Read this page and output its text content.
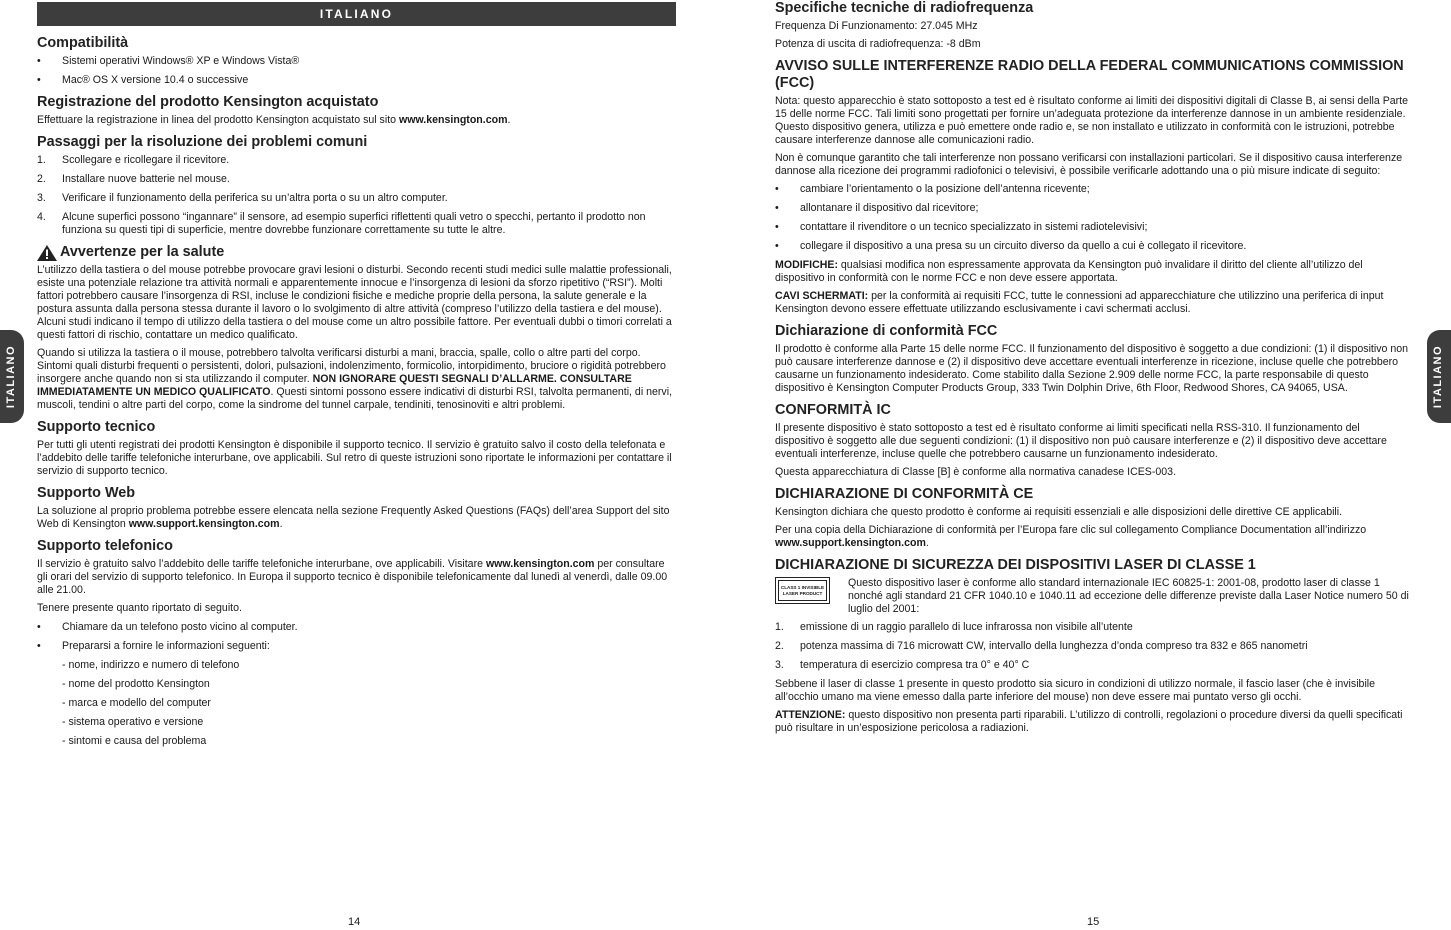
ITALIANO	ITALIANO
ITALIANO
Compatibilità
• Sistemi operativi Windows® XP e Windows Vista®
• Mac® OS X versione 10.4 o successive
Registrazione del prodotto Kensington acquistato

Effettuare la registrazione in linea del prodotto Kensington acquistato sul sito www.kensington.com.

Passaggi per la risoluzione dei problemi comuni
1. Scollegare e ricollegare il ricevitore.
2. Installare nuove batterie nel mouse.
3. Verificare il funzionamento della periferica su un’altra porta o su un altro computer.
4. Alcune superfici possono “ingannare” il sensore, ad esempio superfici riflettenti quali vetro o specchi, pertanto il prodotto non funziona su questi tipi di superficie, mentre dovrebbe funzionare correttamente su tutte le altre.
Avvertenze per la salute

L’utilizzo della tastiera o del mouse potrebbe provocare gravi lesioni o disturbi. Secondo recenti studi medici sulle malattie professionali, esiste una potenziale relazione tra attività normali e apparentemente innocue e l’insorgenza di lesioni da sforzo ripetitivo (“RSI”). Molti fattori potrebbero causare l’insorgenza di RSI, incluse le condizioni fisiche e mediche proprie della persona, la salute generale e la postura assunta dalla persona stessa durante il lavoro o lo svolgimento di altre attività (compreso l’utilizzo della tastiera e del mouse). Alcuni studi indicano il tempo di utilizzo della tastiera o del mouse come un altro possibile fattore. Per eventuali dubbi o timori correlati a questi fattori di rischio, contattare un medico qualificato.

Quando si utilizza la tastiera o il mouse, potrebbero talvolta verificarsi disturbi a mani, braccia, spalle, collo o altre parti del corpo. Sintomi quali disturbi frequenti o persistenti, dolori, pulsazioni, indolenzimento, formicolio, intorpidimento, bruciore o rigidità potrebbero insorgere anche quando non si sta utilizzando il computer. NON IGNORARE QUESTI SEGNALI D’ALLARME. CONSULTARE IMMEDIATAMENTE UN MEDICO QUALIFICATO. Questi sintomi possono essere indicativi di disturbi RSI, talvolta permanenti, di nervi, muscoli, tendini o altre parti del corpo, come la sindrome del tunnel carpale, tendiniti, tenosinoviti e altri problemi.

Supporto tecnico

Per tutti gli utenti registrati dei prodotti Kensington è disponibile il supporto tecnico. Il servizio è gratuito salvo il costo della telefonata e l’addebito delle tariffe telefoniche interurbane, ove applicabili. Sul retro di queste istruzioni sono riportate le informazioni per contattare il servizio di supporto tecnico.

Supporto Web

La soluzione al proprio problema potrebbe essere elencata nella sezione Frequently Asked Questions (FAQs) dell’area Support del sito Web di Kensington www.support.kensington.com.

Supporto telefonico

Il servizio è gratuito salvo l’addebito delle tariffe telefoniche interurbane, ove applicabili. Visitare www.kensington.com per consultare gli orari del servizio di supporto telefonico. In Europa il supporto tecnico è disponibile telefonicamente dal lunedì al venerdì, dalle 09.00 alle 21.00.

Tenere presente quanto riportato di seguito.

• Chiamare da un telefono posto vicino al computer.
• Prepararsi a fornire le informazioni seguenti:
- nome, indirizzo e numero di telefono
- nome del prodotto Kensington
- marca e modello del computer
- sistema operativo e versione
- sintomi e causa del problema
Specifiche tecniche di radiofrequenza

Frequenza Di Funzionamento: 27.045 MHz

Potenza di uscita di radiofrequenza: -8 dBm

AVVISO SULLE INTERFERENZE RADIO DELLA FEDERAL COMMUNICATIONS COMMISSION (FCC)

Nota: questo apparecchio è stato sottoposto a test ed è risultato conforme ai limiti dei dispositivi digitali di Classe B, ai sensi della Parte 15 delle norme FCC. Tali limiti sono progettati per fornire un’adeguata protezione da interferenze dannose in un ambiente residenziale. Questo dispositivo genera, utilizza e può emettere onde radio e, se non installato e utilizzato in conformità con le istruzioni, potrebbe causare interferenze dannose alle comunicazioni radio.

Non è comunque garantito che tali interferenze non possano verificarsi con installazioni particolari. Se il dispositivo causa interferenze dannose alla ricezione dei programmi radiofonici o televisivi, è possibile verificarle adottando una o più misure indicate di seguito:

• cambiare l’orientamento o la posizione dell’antenna ricevente;
• allontanare il dispositivo dal ricevitore;
• contattare il rivenditore o un tecnico specializzato in sistemi radiotelevisivi;
• collegare il dispositivo a una presa su un circuito diverso da quello a cui è collegato il ricevitore.

MODIFICHE: qualsiasi modifica non espressamente approvata da Kensington può invalidare il diritto del cliente all’utilizzo del dispositivo in conformità con le norme FCC e non deve essere apportata.

CAVI SCHERMATI: per la conformità ai requisiti FCC, tutte le connessioni ad apparecchiature che utilizzino una periferica di input Kensington devono essere effettuate utilizzando esclusivamente i cavi schermati acclusi.

Dichiarazione di conformità FCC

Il prodotto è conforme alla Parte 15 delle norme FCC. Il funzionamento del dispositivo è soggetto a due condizioni: (1) il dispositivo non può causare interferenze dannose e (2) il dispositivo deve accettare eventuali interferenze in ricezione, incluse quelle che potrebbero causarne un funzionamento indesiderato. Come stabilito dalla Sezione 2.909 delle norme FCC, la parte responsabile di questo dispositivo è Kensington Computer Products Group, 333 Twin Dolphin Drive, 6th Floor, Redwood Shores, CA 94065, USA.

CONFORMITÀ IC

Il presente dispositivo è stato sottoposto a test ed è risultato conforme ai limiti specificati nella RSS-310. Il funzionamento del dispositivo è soggetto alle due seguenti condizioni: (1) il dispositivo non può causare interferenze e (2) il dispositivo deve accettare eventuali interferenze, incluse quelle che potrebbero causarne un funzionamento indesiderato.

Questa apparecchiatura di Classe [B] è conforme alla normativa canadese ICES-003.

DICHIARAZIONE DI CONFORMITÀ CE

Kensington dichiara che questo prodotto è conforme ai requisiti essenziali e alle disposizioni delle direttive CE applicabili.

Per una copia della Dichiarazione di conformità per l’Europa fare clic sul collegamento Compliance Documentation all’indirizzo www.support.kensington.com.

DICHIARAZIONE DI SICUREZZA DEI DISPOSITIVI LASER DI CLASSE 1
CLASS 1 INVISIBLE LASER PRODUCT
Questo dispositivo laser è conforme allo standard internazionale IEC 60825-1: 2001-08, prodotto laser di classe 1 nonché agli standard 21 CFR 1040.10 e 1040.11 ad eccezione delle differenze previste dalla Laser Notice numero 50 di luglio del 2001:
1. emissione di un raggio parallelo di luce infrarossa non visibile all’utente
2. potenza massima di 716 microwatt CW, intervallo della lunghezza d’onda compreso tra 832 e 865 nanometri
3. temperatura di esercizio compresa tra 0° e 40° C

Sebbene il laser di classe 1 presente in questo prodotto sia sicuro in condizioni di utilizzo normale, il fascio laser (che è invisibile all’occhio umano ma viene emesso dalla parte inferiore del mouse) non deve essere mai puntato verso gli occhi.

ATTENZIONE: questo dispositivo non presenta parti riparabili. L’utilizzo di controlli, regolazioni o procedure diversi da quelli specificati può risultare in un’esposizione pericolosa a radiazioni.

14	15
